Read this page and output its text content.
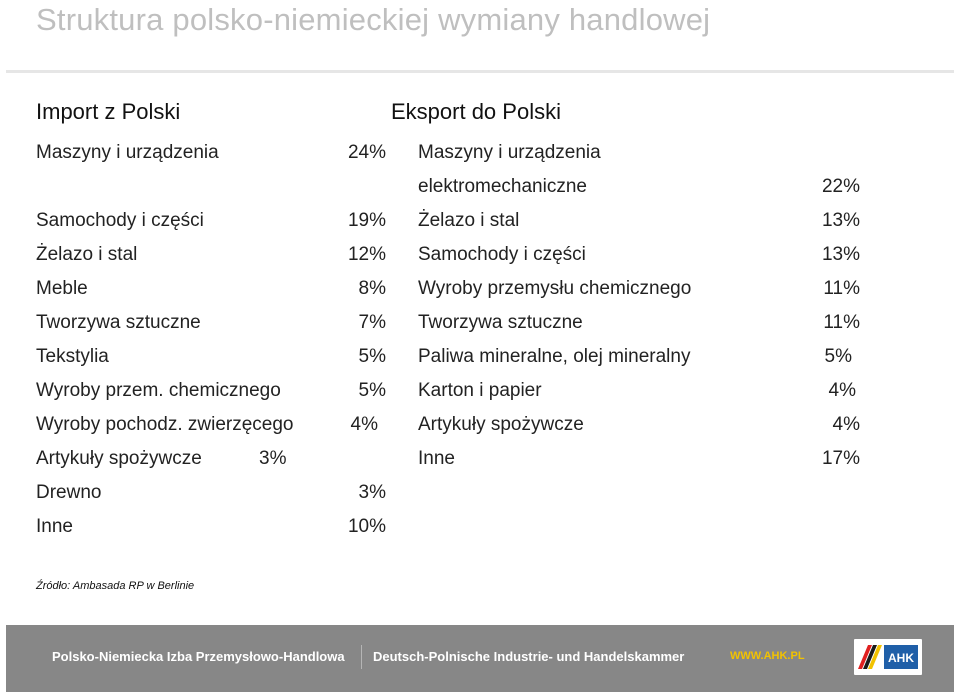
Struktura polsko-niemieckiej wymiany handlowej
Import z Polski	Eksport do Polski
Maszyny i urządzenia	24%
Samochody i części	19%
Żelazo i stal	12%
Meble	8%
Tworzywa sztuczne	7%
Tekstylia	5%
Wyroby przem. chemicznego	5%
Wyroby pochodz. zwierzęcego	4%
Artykuły spożywcze	3%
Drewno	3%
Inne	10%
Maszyny i urządzenia
elektromechaniczne	22%
Żelazo i stal	13%
Samochody i części	13%
Wyroby przemysłu chemicznego	11%
Tworzywa sztuczne	11%
Paliwa mineralne, olej mineralny	5%
Karton i papier	4%
Artykuły spożywcze	4%
Inne	17%
Źródło: Ambasada RP w Berlinie
Polsko-Niemiecka Izba Przemysłowo-Handlowa Deutsch-Polnische Industrie- und Handelskammer	WWW.AHK.PL	AHK
